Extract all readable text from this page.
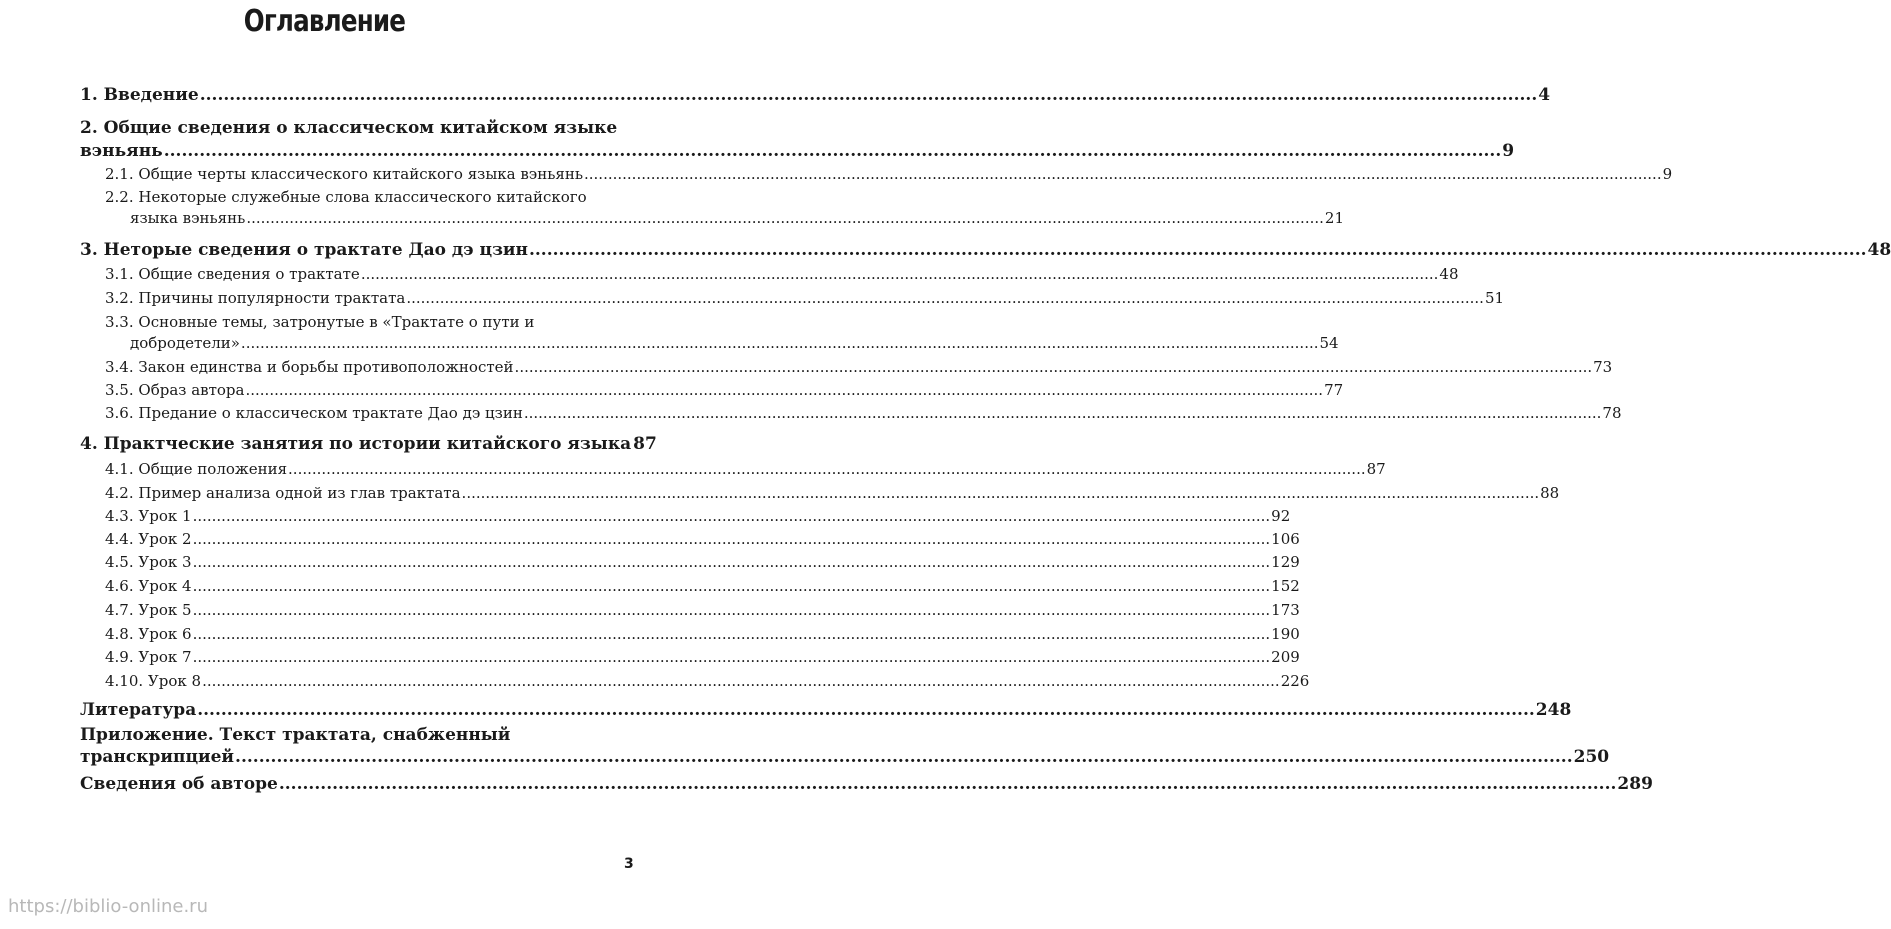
Оглавление
1. Введение .....	4
2. Общие сведения о классическом китайском языке
вэньянь .....	9
2.1. Общие черты классического китайского языка вэньянь .....	9
2.2. Некоторые служебные слова классического китайского
языка вэньянь .....	21
3. Неторые сведения о трактате Дао дэ цзин .....	48
3.1. Общие сведения о трактате .....	48
3.2. Причины популярности трактата .....	51
3.3. Основные темы, затронутые в «Трактате о пути и
добродетели» .....	54
3.4. Закон единства и борьбы противоположностей .....	73
3.5. Образ автора .....	77
3.6. Предание о классическом трактате Дао дэ цзин .....	78
4. Практческие занятия по истории китайского языка 87
4.1. Общие положения .....	87
4.2. Пример анализа одной из глав трактата .....	88
4.3. Урок 1 .....	92
4.4. Урок 2 .....	106
4.5. Урок 3 .....	129
4.6. Урок 4 .....	152
4.7. Урок 5 .....	173
4.8. Урок 6 .....	190
4.9. Урок 7 .....	209
4.10. Урок 8 .....	226
Литература .....	248
Приложение. Текст трактата, снабженный
транскрипцией .....	250
Сведения об авторе .....	289
3
https://biblio-online.ru
